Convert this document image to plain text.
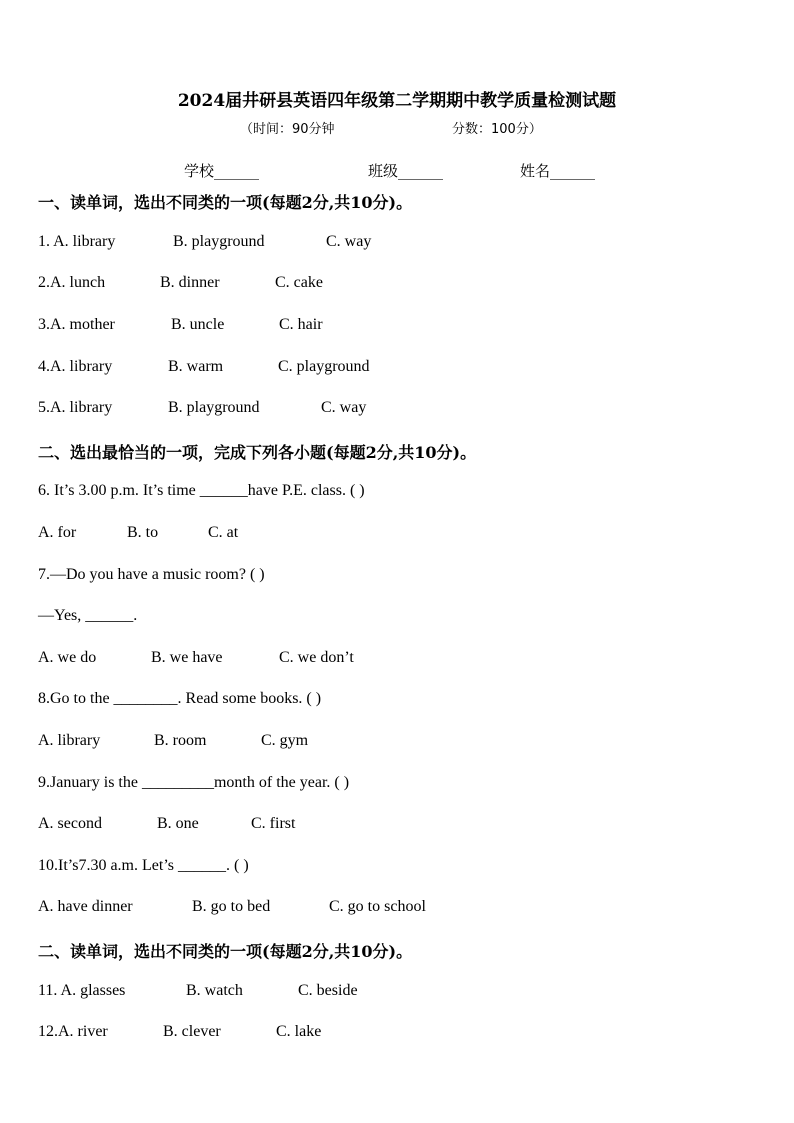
2024届井研县英语四年级第二学期期中教学质量检测试题
（时间：90分钟	分数：100分）
学校______	班级______	姓名______
一、读单词，选出不同类的一项(每题2分,共10分)。
1. A. library	B. playground	C. way
2.A. lunch	B. dinner	C. cake
3.A. mother	B. uncle	C. hair
4.A. library	B. warm	C. playground
5.A. library	B. playground	C. way
二、选出最恰当的一项，完成下列各小题(每题2分,共10分)。
6. It’s 3.00 p.m. It’s time ______have P.E. class. ( )
A. for	B. to	C. at
7.—Do you have a music room? ( )
—Yes, ______.
A. we do	B. we have	C. we don’t
8.Go to the ________. Read some books. ( )
A. library	B. room	C. gym
9.January is the _________month of the year. ( )
A. second	B. one	C. first
10.It’s7.30 a.m. Let’s ______. ( )
A. have dinner	B. go to bed	C. go to school
二、读单词，选出不同类的一项(每题2分,共10分)。
11. A. glasses	B. watch	C. beside
12.A. river	B. clever	C. lake
